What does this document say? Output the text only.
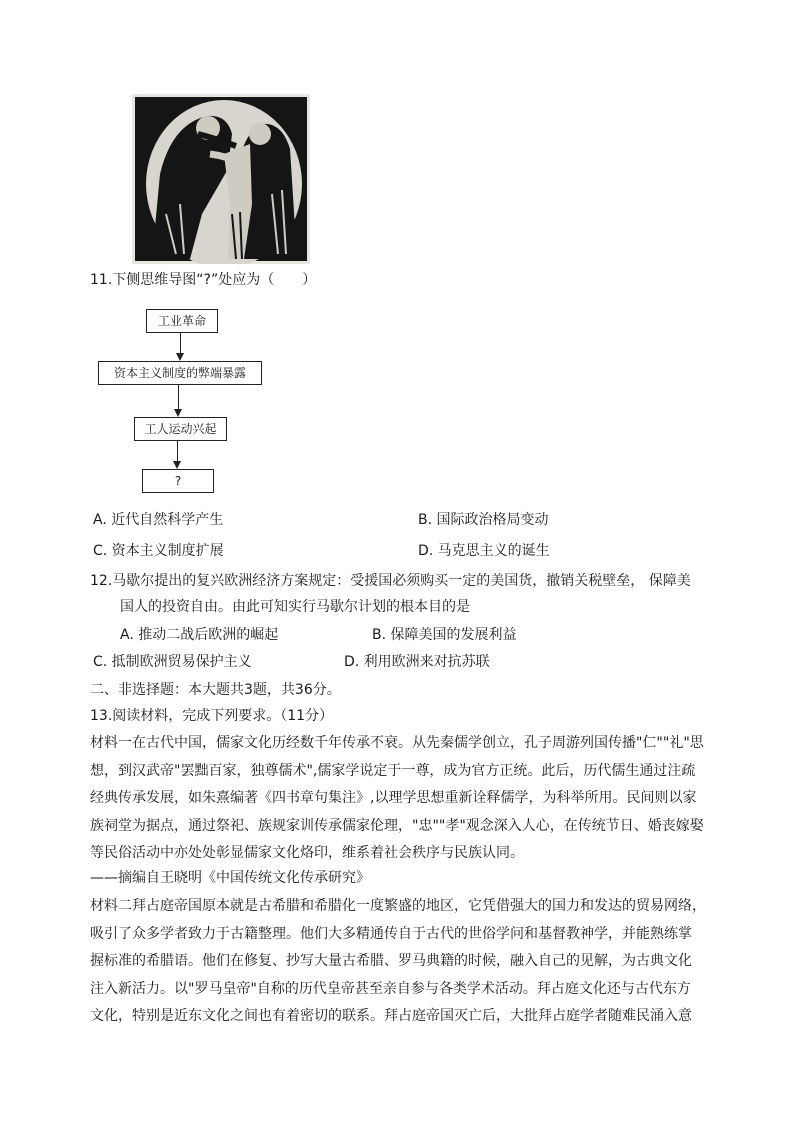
11.下侧思维导图“?”处应为（　　）
工业革命
资本主义制度的弊端暴露
工人运动兴起
?
A. 近代自然科学产生	B. 国际政治格局变动
C. 资本主义制度扩展	D. 马克思主义的诞生
12.马歇尔提出的复兴欧洲经济方案规定：受援国必须购买一定的美国货，撤销关税壁垒， 保障美
国人的投资自由。由此可知实行马歇尔计划的根本目的是
A. 推动二战后欧洲的崛起	B. 保障美国的发展利益
C. 抵制欧洲贸易保护主义	D. 利用欧洲来对抗苏联
二、非选择题：本大题共3题，共36分。
13.阅读材料，完成下列要求。（11分）
材料一在古代中国，儒家文化历经数千年传承不衰。从先秦儒学创立，孔子周游列国传播"仁""礼"思
想，到汉武帝"罢黜百家，独尊儒术",儒家学说定于一尊，成为官方正统。此后，历代儒生通过注疏
经典传承发展，如朱熹编著《四书章句集注》,以理学思想重新诠释儒学，为科举所用。民间则以家
族祠堂为据点，通过祭祀、族规家训传承儒家伦理，"忠""孝"观念深入人心，在传统节日、婚丧嫁娶
等民俗活动中亦处处彰显儒家文化烙印，维系着社会秩序与民族认同。
——摘编自王晓明《中国传统文化传承研究》
材料二拜占庭帝国原本就是古希腊和希腊化一度繁盛的地区，它凭借强大的国力和发达的贸易网络，
吸引了众多学者致力于古籍整理。他们大多精通传自于古代的世俗学问和基督教神学，并能熟练掌
握标准的希腊语。他们在修复、抄写大量古希腊、罗马典籍的时候，融入自己的见解，为古典文化
注入新活力。以"罗马皇帝"自称的历代皇帝甚至亲自参与各类学术活动。拜占庭文化还与古代东方
文化，特别是近东文化之间也有着密切的联系。拜占庭帝国灭亡后，大批拜占庭学者随难民涌入意
